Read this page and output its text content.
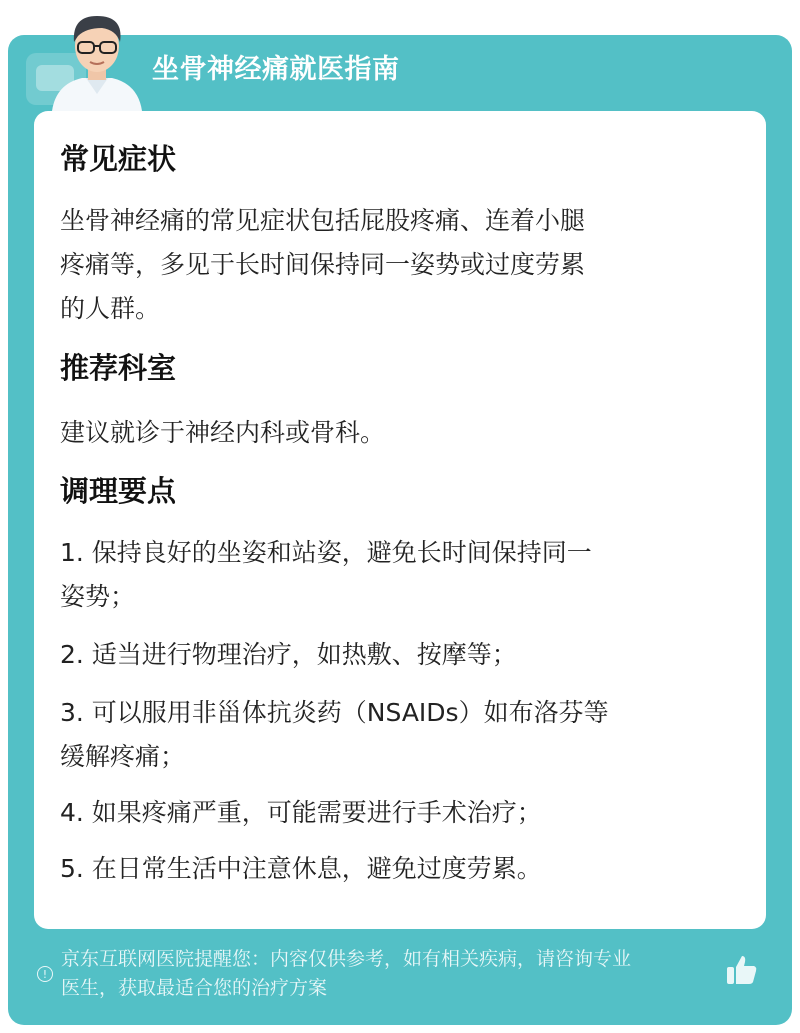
坐骨神经痛就医指南
常见症状

坐骨神经痛的常见症状包括屁股疼痛、连着小腿

疼痛等，多见于长时间保持同一姿势或过度劳累

的人群。

推荐科室

建议就诊于神经内科或骨科。

调理要点

1. 保持良好的坐姿和站姿，避免长时间保持同一

姿势；

2. 适当进行物理治疗，如热敷、按摩等；

3. 可以服用非甾体抗炎药（NSAIDs）如布洛芬等

缓解疼痛；

4. 如果疼痛严重，可能需要进行手术治疗；

5. 在日常生活中注意休息，避免过度劳累。

!
京东互联网医院提醒您：内容仅供参考，如有相关疾病，请咨询专业
医生，获取最适合您的治疗方案
